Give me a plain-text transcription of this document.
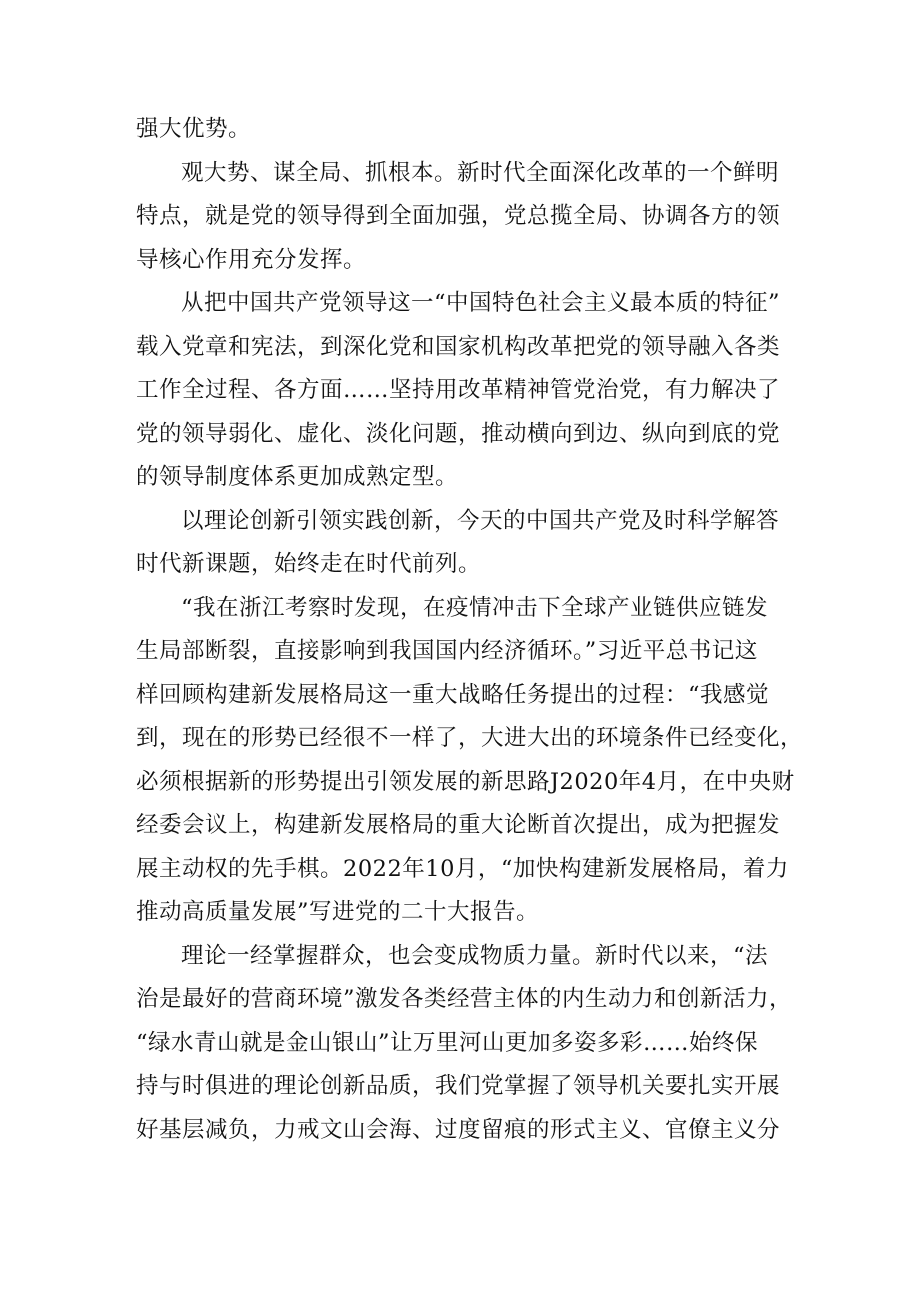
强大优势。
观大势、谋全局、抓根本。新时代全面深化改革的一个鲜明
特点，就是党的领导得到全面加强，党总揽全局、协调各方的领
导核心作用充分发挥。
从把中国共产党领导这一“中国特色社会主义最本质的特征”
载入党章和宪法，到深化党和国家机构改革把党的领导融入各类
工作全过程、各方面……坚持用改革精神管党治党，有力解决了
党的领导弱化、虚化、淡化问题，推动横向到边、纵向到底的党
的领导制度体系更加成熟定型。
以理论创新引领实践创新，今天的中国共产党及时科学解答
时代新课题，始终走在时代前列。
“我在浙江考察时发现，在疫情冲击下全球产业链供应链发
生局部断裂，直接影响到我国国内经济循环。”习近平总书记这
样回顾构建新发展格局这一重大战略任务提出的过程：“我感觉
到，现在的形势已经很不一样了，大进大出的环境条件已经变化，
必须根据新的形势提出引领发展的新思路J2020年4月，在中央财
经委会议上，构建新发展格局的重大论断首次提出，成为把握发
展主动权的先手棋。2022年10月，“加快构建新发展格局，着力
推动高质量发展”写进党的二十大报告。
理论一经掌握群众，也会变成物质力量。新时代以来，“法
治是最好的营商环境”激发各类经营主体的内生动力和创新活力，
“绿水青山就是金山银山”让万里河山更加多姿多彩……始终保
持与时俱进的理论创新品质，我们党掌握了领导机关要扎实开展
好基层减负，力戒文山会海、过度留痕的形式主义、官僚主义分
